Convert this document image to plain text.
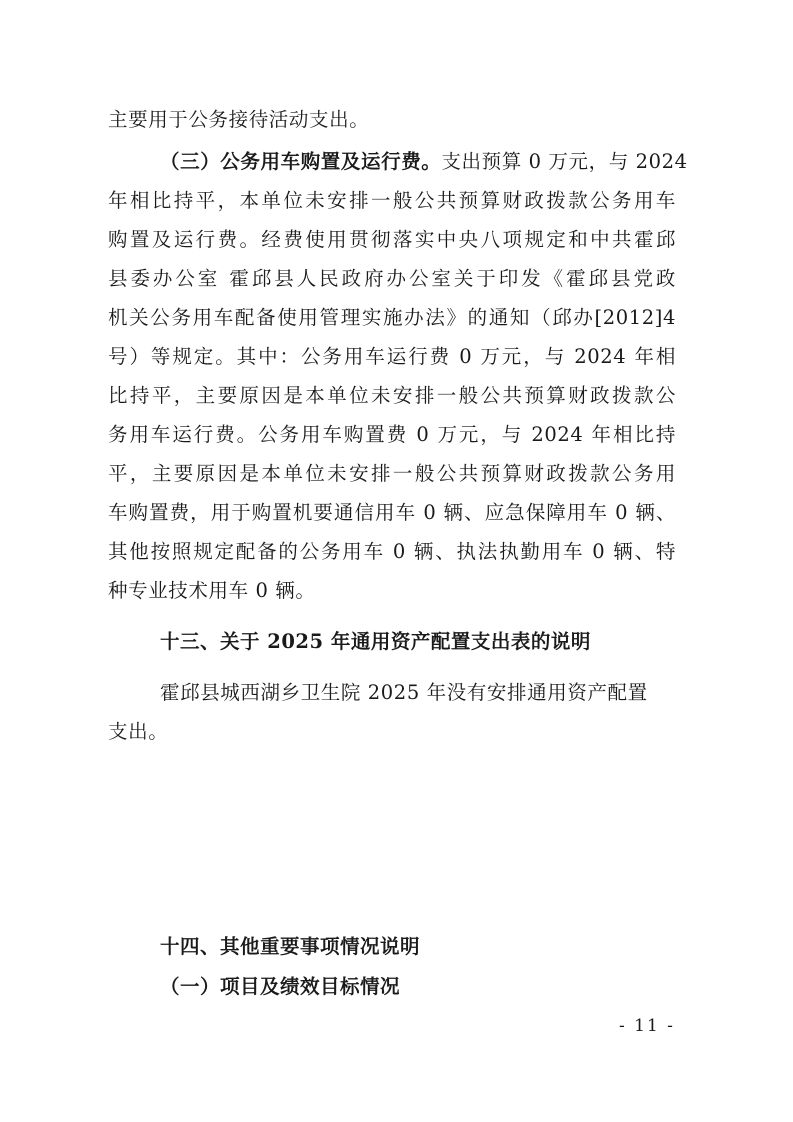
主要用于公务接待活动支出。
（三）公务用车购置及运行费。支出预算 0 万元，与 2024
年相比持平，本单位未安排一般公共预算财政拨款公务用车
购置及运行费。经费使用贯彻落实中央八项规定和中共霍邱
县委办公室 霍邱县人民政府办公室关于印发《霍邱县党政
机关公务用车配备使用管理实施办法》的通知（邱办[2012]4
号）等规定。其中：公务用车运行费 0 万元，与 2024 年相
比持平，主要原因是本单位未安排一般公共预算财政拨款公
务用车运行费。公务用车购置费 0 万元，与 2024 年相比持
平，主要原因是本单位未安排一般公共预算财政拨款公务用
车购置费，用于购置机要通信用车 0 辆、应急保障用车 0 辆、
其他按照规定配备的公务用车 0 辆、执法执勤用车 0 辆、特
种专业技术用车 0 辆。
十三、关于 2025 年通用资产配置支出表的说明
霍邱县城西湖乡卫生院 2025 年没有安排通用资产配置
支出。
十四、其他重要事项情况说明
（一）项目及绩效目标情况
- 11 -
